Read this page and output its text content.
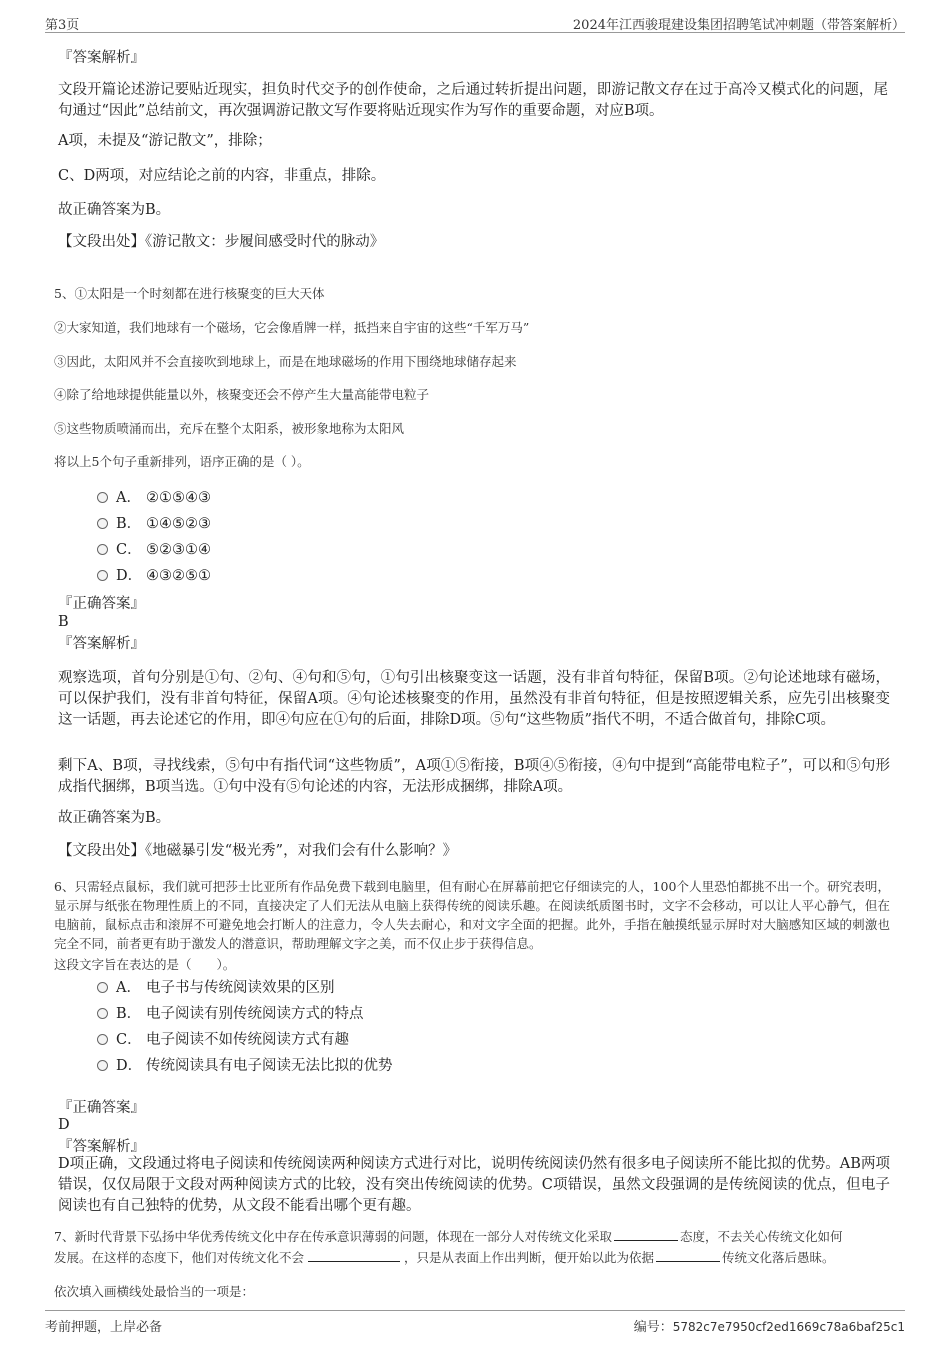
第3页	2024年江西骏琨建设集团招聘笔试冲刺题（带答案解析）
『答案解析』
文段开篇论述游记要贴近现实，担负时代交予的创作使命，之后通过转折提出问题，即游记散文存在过于高冷又模式化的问题，尾句通过“因此”总结前文，再次强调游记散文写作要将贴近现实作为写作的重要命题，对应B项。
A项，未提及“游记散文”，排除；
C、D两项，对应结论之前的内容，非重点，排除。
故正确答案为B。
【文段出处】《游记散文：步履间感受时代的脉动》
5、①太阳是一个时刻都在进行核聚变的巨大天体
②大家知道，我们地球有一个磁场，它会像盾牌一样，抵挡来自宇宙的这些“千军万马”
③因此，太阳风并不会直接吹到地球上，而是在地球磁场的作用下围绕地球储存起来
④除了给地球提供能量以外，核聚变还会不停产生大量高能带电粒子
⑤这些物质喷涌而出，充斥在整个太阳系，被形象地称为太阳风
将以上5个句子重新排列，语序正确的是（ ）。
A． ②①⑤④③
B． ①④⑤②③
C． ⑤②③①④
D． ④③②⑤①
『正确答案』
B
『答案解析』
观察选项，首句分别是①句、②句、④句和⑤句，①句引出核聚变这一话题，没有非首句特征，保留B项。②句论述地球有磁场，可以保护我们，没有非首句特征，保留A项。④句论述核聚变的作用，虽然没有非首句特征，但是按照逻辑关系，应先引出核聚变这一话题，再去论述它的作用，即④句应在①句的后面，排除D项。⑤句“这些物质”指代不明，不适合做首句，排除C项。
剩下A、B项，寻找线索，⑤句中有指代词“这些物质”，A项①⑤衔接，B项④⑤衔接，④句中提到“高能带电粒子”，可以和⑤句形成指代捆绑，B项当选。①句中没有⑤句论述的内容，无法形成捆绑，排除A项。
故正确答案为B。
【文段出处】《地磁暴引发“极光秀”，对我们会有什么影响？》
6、只需轻点鼠标，我们就可把莎士比亚所有作品免费下载到电脑里，但有耐心在屏幕前把它仔细读完的人，100个人里恐怕都挑不出一个。研究表明，显示屏与纸张在物理性质上的不同，直接决定了人们无法从电脑上获得传统的阅读乐趣。在阅读纸质图书时，文字不会移动，可以让人平心静气，但在电脑前，鼠标点击和滚屏不可避免地会打断人的注意力，令人失去耐心，和对文字全面的把握。此外，手指在触摸纸显示屏时对大脑感知区域的刺激也完全不同，前者更有助于激发人的潜意识，帮助理解文字之美，而不仅止步于获得信息。
这段文字旨在表达的是（　　）。
A． 电子书与传统阅读效果的区别
B． 电子阅读有别传统阅读方式的特点
C． 电子阅读不如传统阅读方式有趣
D． 传统阅读具有电子阅读无法比拟的优势
『正确答案』
D
『答案解析』
D项正确，文段通过将电子阅读和传统阅读两种阅读方式进行对比，说明传统阅读仍然有很多电子阅读所不能比拟的优势。AB两项错误，仅仅局限于文段对两种阅读方式的比较，没有突出传统阅读的优势。C项错误，虽然文段强调的是传统阅读的优点，但电子阅读也有自己独特的优势，从文段不能看出哪个更有趣。
7、新时代背景下弘扬中华优秀传统文化中存在传承意识薄弱的问题，体现在一部分人对传统文化采取	态度，不去关心传统文化如何
发展。在这样的态度下，他们对传统文化不会	，只是从表面上作出判断，便开始以此为依据	传统文化落后愚昧。
依次填入画横线处最恰当的一项是：
考前押题，上岸必备	编号：5782c7e7950cf2ed1669c78a6baf25c1
